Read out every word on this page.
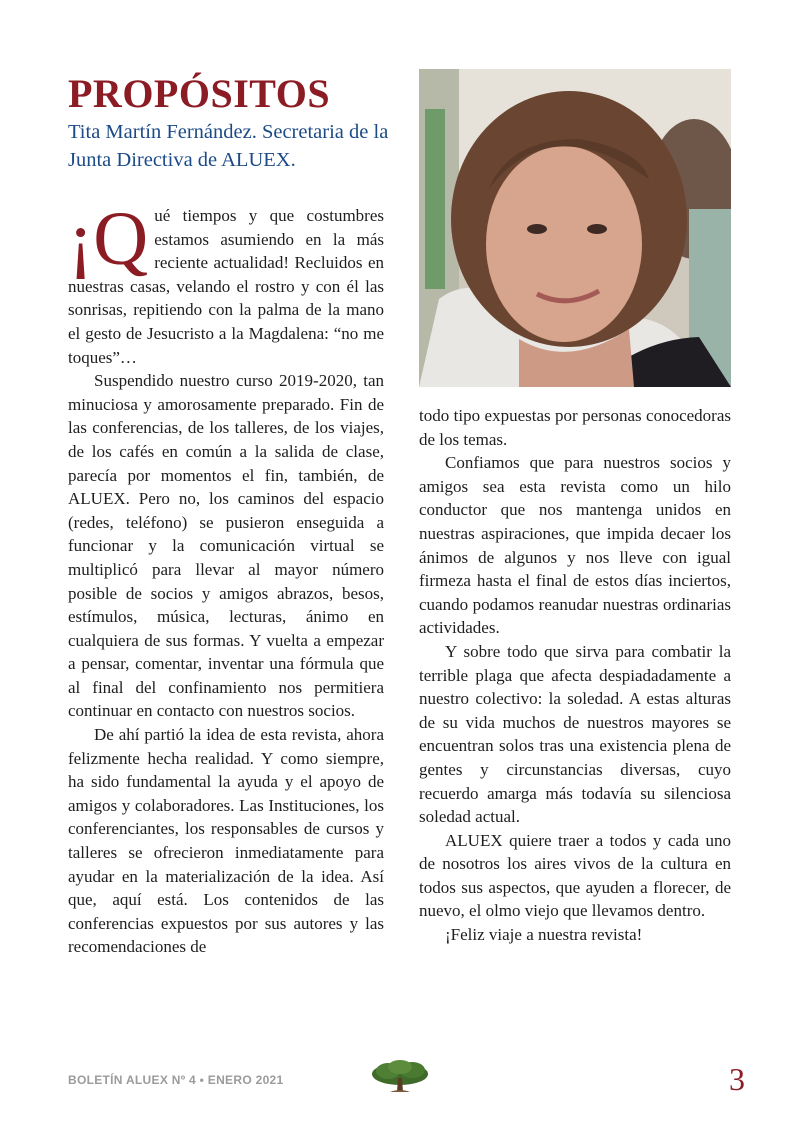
PROPÓSITOS

Tita Martín Fernández. Secretaria de la Junta Directiva de ALUEX.

¡Q ué tiempos y que costumbres estamos asumiendo en la más reciente actualidad! Recluidos en nuestras casas, velando el rostro y con él las sonrisas, repitiendo con la palma de la mano el gesto de Jesucristo a la Magdalena: “no me toques”…

Suspendido nuestro curso 2019-2020, tan minuciosa y amorosamente preparado. Fin de las conferencias, de los talleres, de los viajes, de los cafés en común a la salida de clase, parecía por momentos el fin, también, de ALUEX. Pero no, los caminos del espacio (redes, teléfono) se pusieron enseguida a funcionar y la comunicación virtual se multiplicó para llevar al mayor número posible de socios y amigos abrazos, besos, estímulos, música, lecturas, ánimo en cualquiera de sus formas. Y vuelta a empezar a pensar, comentar, inventar una fórmula que al final del confinamiento nos permitiera continuar en contacto con nuestros socios.

De ahí partió la idea de esta revista, ahora felizmente hecha realidad. Y como siempre, ha sido fundamental la ayuda y el apoyo de amigos y colaboradores. Las Instituciones, los conferenciantes, los responsables de cursos y talleres se ofrecieron inmediatamente para ayudar en la materialización de la idea. Así que, aquí está. Los contenidos de las conferencias expuestos por sus autores y las recomendaciones de

todo tipo expuestas por personas conocedoras de los temas.

Confiamos que para nuestros socios y amigos sea esta revista como un hilo conductor que nos mantenga unidos en nuestras aspiraciones, que impida decaer los ánimos de algunos y nos lleve con igual firmeza hasta el final de estos días inciertos, cuando podamos reanudar nuestras ordinarias actividades.

Y sobre todo que sirva para combatir la terrible plaga que afecta despiadadamente a nuestro colectivo: la soledad. A estas alturas de su vida muchos de nuestros mayores se encuentran solos tras una existencia plena de gentes y circunstancias diversas, cuyo recuerdo amarga más todavía su silenciosa soledad actual.

ALUEX quiere traer a todos y cada uno de nosotros los aires vivos de la cultura en todos sus aspectos, que ayuden a florecer, de nuevo, el olmo viejo que llevamos dentro.

¡Feliz viaje a nuestra revista!

BOLETÍN ALUEX Nº 4 • ENERO 2021	3
